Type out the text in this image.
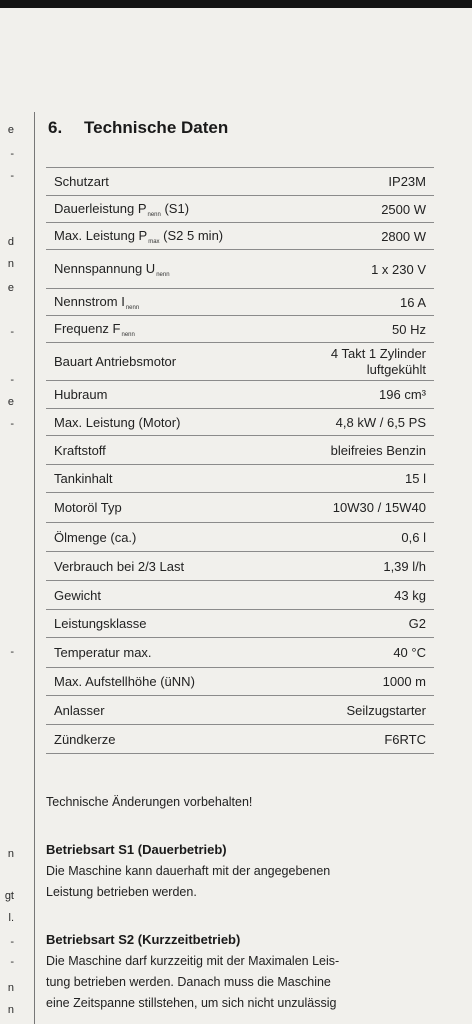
e
-
-
d
n
e
-
-
e
-
-
n
gt
l.
-
-
n
n
6. Technische Daten
Schutzart	IP23M
Dauerleistung $P_{nenn}$ (S1)	2500 W
Max. Leistung $P_{max}$ (S2 5 min)	2800 W
Nennspannung $U_{nenn}$	1 x 230 V
Nennstrom $I_{nenn}$	16 A
Frequenz $F_{nenn}$	50 Hz
Bauart Antriebsmotor	4 Takt 1 Zylinder luftgekühlt
Hubraum	196 cm³
Max. Leistung (Motor)	4,8 kW / 6,5 PS
Kraftstoff	bleifreies Benzin
Tankinhalt	15 l
Motoröl Typ	10W30 / 15W40
Ölmenge (ca.)	0,6 l
Verbrauch bei 2/3 Last	1,39 l/h
Gewicht	43 kg
Leistungsklasse	G2
Temperatur max.	40 °C
Max. Aufstellhöhe (üNN)	1000 m
Anlasser	Seilzugstarter
Zündkerze	F6RTC
Technische Änderungen vorbehalten!
Betriebsart S1 (Dauerbetrieb)
Die Maschine kann dauerhaft mit der angegebenen
Leistung betrieben werden.
Betriebsart S2 (Kurzzeitbetrieb)
Die Maschine darf kurzzeitig mit der Maximalen Leis-
tung betrieben werden. Danach muss die Maschine
eine Zeitspanne stillstehen, um sich nicht unzulässig
